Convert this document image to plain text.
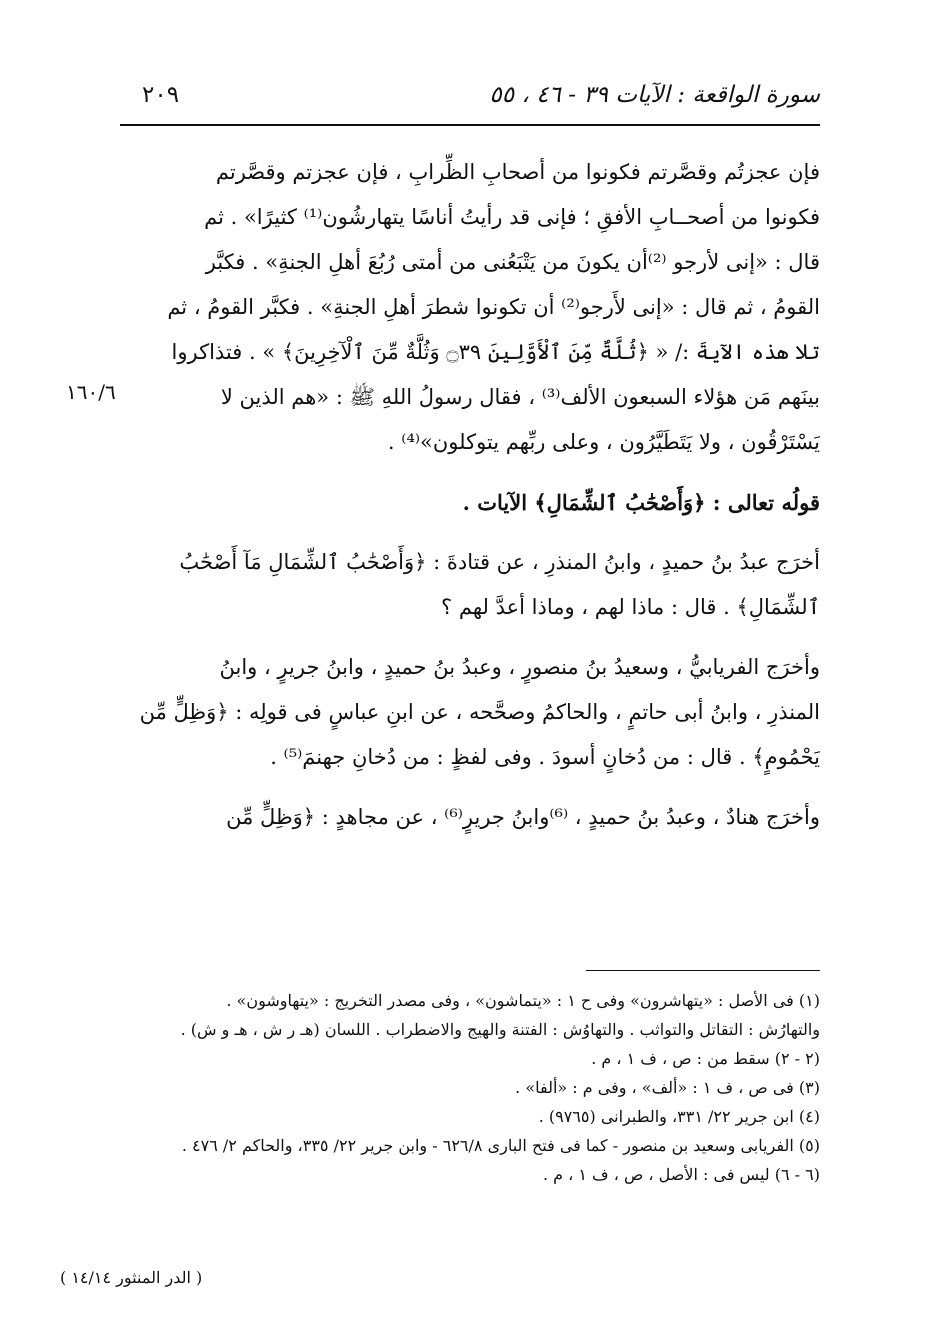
سورة الواقعة : الآيات ٣٩ - ٤٦ ، ٥٥
٢٠٩
١٦٠/٦
فإن عجزتُم وقصَّرتم فكونوا من أصحابِ الظِّرابِ ، فإن عجزتم وقصَّرتم
فكونوا من أصحــابِ الأفقِ ؛ فإنى قد رأيتُ أناسًا يتهارشُون⁽¹⁾ كثيرًا» . ثم
قال : «إنى لأرجو ⁽²⁾أن يكونَ من يَتْبَعُنى من أمتى رُبُعَ أهلِ الجنةِ» . فكبَّر
القومُ ، ثم قال : «إنى لأَرجو⁽²⁾ أن تكونوا شطرَ أهلِ الجنةِ» . فكبَّر القومُ ، ثم
تلا هذه الآيةَ :/ « ﴿ثُلَّةٌ مِّنَ ٱلْأَوَّلِينَ ۝٣٩ وَثُلَّةٌ مِّنَ ٱلْآخِرِينَ﴾ » . فتذاكروا
بينَهم مَن هؤلاء السبعون الألف⁽³⁾ ، فقال رسولُ اللهِ ﷺ : «هم الذين لا
يَسْتَرْقُون ، ولا يَتَطَيَّرُون ، وعلى ربِّهم يتوكلون»⁽⁴⁾ .
قولُه تعالى : ﴿وَأَصْحَٰبُ ٱلشِّمَالِ﴾ الآيات .
أخرَج عبدُ بنُ حميدٍ ، وابنُ المنذرِ ، عن قتادةَ : ﴿وَأَصْحَٰبُ ٱلشِّمَالِ مَآ أَصْحَٰبُ
ٱلشِّمَالِ﴾ . قال : ماذا لهم ، وماذا أعدَّ لهم ؟
وأخرَج الفريابيُّ ، وسعيدُ بنُ منصورٍ ، وعبدُ بنُ حميدٍ ، وابنُ جريرٍ ، وابنُ
المنذرِ ، وابنُ أبى حاتمٍ ، والحاكمُ وصحَّحه ، عن ابنِ عباسٍ فى قولِه : ﴿وَظِلٍّ مِّن
يَحْمُومٍ﴾ . قال : من دُخانٍ أسودَ . وفى لفظٍ : من دُخانِ جهنمَ⁽⁵⁾ .
وأخرَج هنادٌ ، وعبدُ بنُ حميدٍ ، ⁽⁶⁾وابنُ جريرٍ⁽⁶⁾ ، عن مجاهدٍ : ﴿وَظِلٍّ مِّن
(١) فى الأصل : «يتهاشرون» وفى ح ١ : «يتماشون» ، وفى مصدر التخريج : «يتهاوشون» .
والتهارُش : التقاتل والتواثب . والتهاوُش : الفتنة والهيج والاضطراب . اللسان (هـ ر ش ، هـ و ش) .
(٢ - ٢) سقط من : ص ، ف ١ ، م .
(٣) فى ص ، ف ١ : «ألف» ، وفى م : «ألفا» .
(٤) ابن جرير ٢٢/ ٣٣١، والطبرانى (٩٧٦٥) .
(٥) الفريابى وسعيد بن منصور - كما فى فتح البارى ٦٢٦/٨ - وابن جرير ٢٢/ ٣٣٥، والحاكم ٢/ ٤٧٦ .
(٦ - ٦) ليس فى : الأصل ، ص ، ف ١ ، م .
( الدر المنثور ١٤/١٤ )
